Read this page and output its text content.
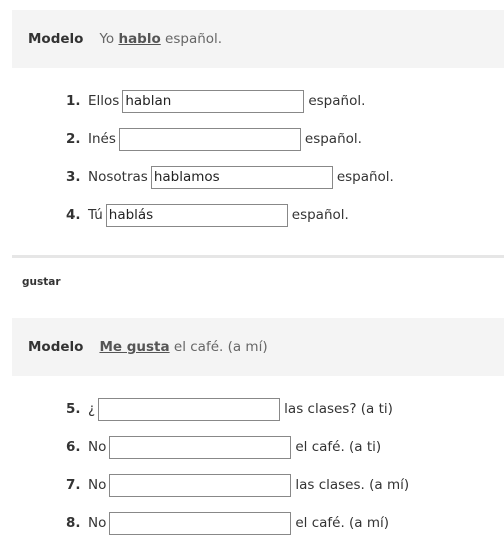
Modelo Yo hablo español.
1. Ellos
hablan	español.
2. Inés	español.
3. Nosotras
hablamos	español.
4. Tú
hablás	español.
gustar
Modelo Me gusta el café. (a mí)
5. ¿	las clases? (a ti)
6. No	el café. (a ti)
7. No	las clases. (a mí)
8. No	el café. (a mí)
